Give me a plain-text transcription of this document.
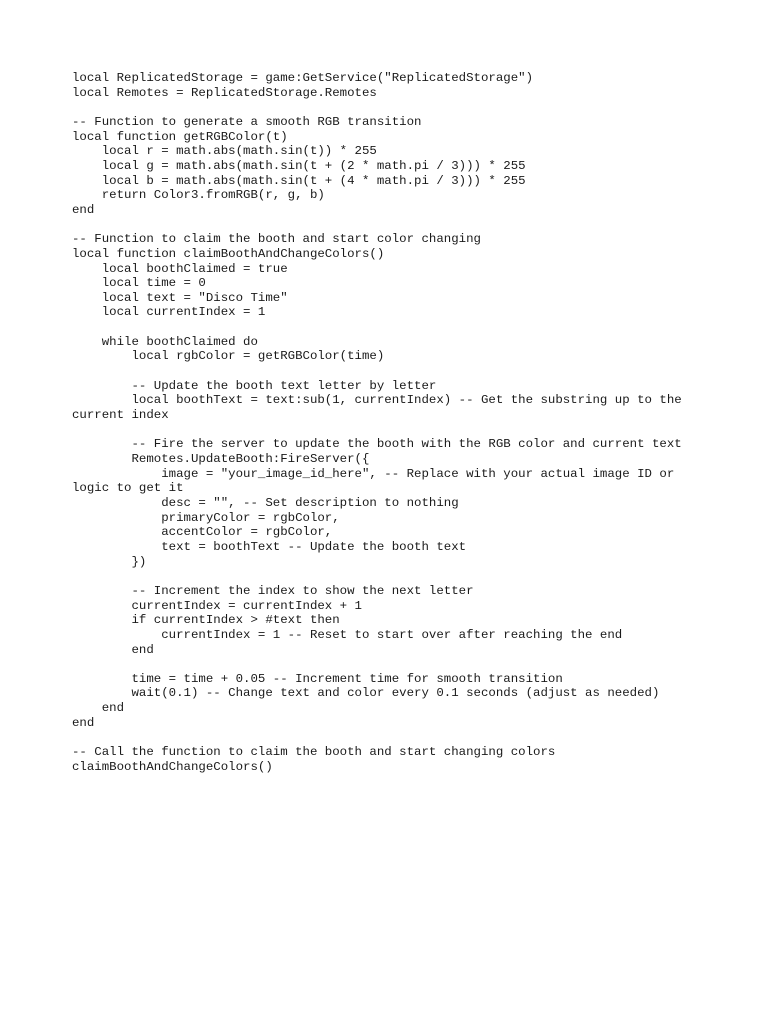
local ReplicatedStorage = game:GetService("ReplicatedStorage")
local Remotes = ReplicatedStorage.Remotes
-- Function to generate a smooth RGB transition
local function getRGBColor(t)
local r = math.abs(math.sin(t)) * 255
local g = math.abs(math.sin(t + (2 * math.pi / 3))) * 255
local b = math.abs(math.sin(t + (4 * math.pi / 3))) * 255
return Color3.fromRGB(r, g, b)
end
-- Function to claim the booth and start color changing
local function claimBoothAndChangeColors()
local boothClaimed = true
local time = 0
local text = "Disco Time"
local currentIndex = 1
while boothClaimed do
local rgbColor = getRGBColor(time)
-- Update the booth text letter by letter
local boothText = text:sub(1, currentIndex) -- Get the substring up to the
current index
-- Fire the server to update the booth with the RGB color and current text
Remotes.UpdateBooth:FireServer({
image = "your_image_id_here", -- Replace with your actual image ID or
logic to get it
desc = "", -- Set description to nothing
primaryColor = rgbColor,
accentColor = rgbColor,
text = boothText -- Update the booth text
})
-- Increment the index to show the next letter
currentIndex = currentIndex + 1
if currentIndex > #text then
currentIndex = 1 -- Reset to start over after reaching the end
end
time = time + 0.05 -- Increment time for smooth transition
wait(0.1) -- Change text and color every 0.1 seconds (adjust as needed)
end
end
-- Call the function to claim the booth and start changing colors
claimBoothAndChangeColors()
